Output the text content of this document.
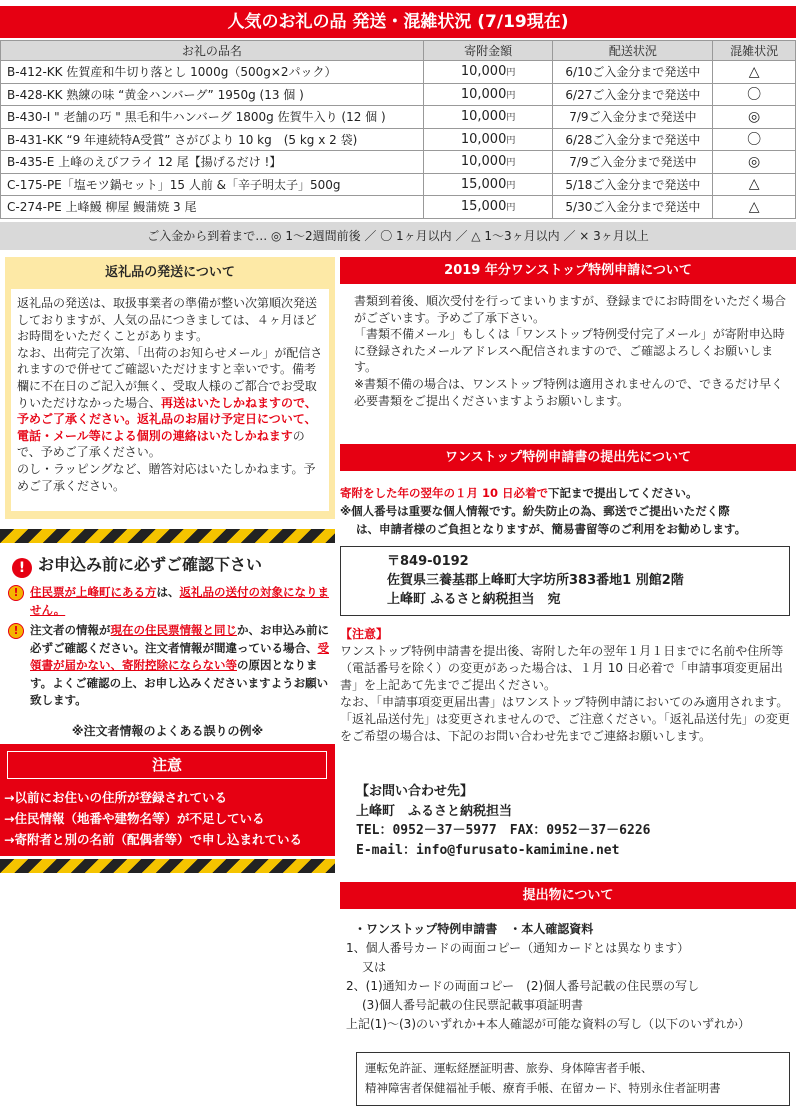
人気のお礼の品 発送・混雑状況 (7/19現在)
お礼の品名	寄附金額	配送状況	混雑状況
B-412-KK 佐賀産和牛切り落とし 1000g（500g×2パック）	10,000円	6/10ご入金分まで発送中	△
B-428-KK 熟練の味 “黄金ハンバーグ” 1950g (13 個 )	10,000円	6/27ご入金分まで発送中	〇
B-430-I " 老舗の巧 " 黒毛和牛ハンバーグ 1800g 佐賀牛入り (12 個 )	10,000円	7/9ご入金分まで発送中	◎
B-431-KK “9 年連続特A受賞” さがびより 10 kg　(5 kg x 2 袋)	10,000円	6/28ご入金分まで発送中	〇
B-435-E 上峰のえびフライ 12 尾【揚げるだけ !】	10,000円	7/9ご入金分まで発送中	◎
C-175-PE「塩モツ鍋セット」15 人前 &「辛子明太子」500g	15,000円	5/18ご入金分まで発送中	△
C-274-PE 上峰鰻 柳屋 鰻蒲焼 3 尾	15,000円	5/30ご入金分まで発送中	△
ご入金から到着まで… ◎ 1〜2週間前後 ／ 〇 1ヶ月以内 ／ △ 1〜3ヶ月以内 ／ × 3ヶ月以上
返礼品の発送について
返礼品の発送は、取扱事業者の準備が整い次第順次発送しておりますが、人気の品につきましては、４ヶ月ほどお時間をいただくことがあります。
なお、出荷完了次第、「出荷のお知らせメール」が配信されますので併せてご確認いただけますと幸いです。備考欄に不在日のご記入が無く、受取人様のご都合でお受取りいただけなかった場合、再送はいたしかねますので、予めご了承ください。返礼品のお届け予定日について、電話・メール等による個別の連絡はいたしかねますので、予めご了承ください。
のし・ラッピングなど、贈答対応はいたしかねます。予めご了承ください。
! お申込み前に必ずご確認下さい
! 住民票が上峰町にある方は、返礼品の送付の対象になりません。
! 注文者の情報が現在の住民票情報と同じか、お申込み前に必ずご確認ください。注文者情報が間違っている場合、受領書が届かない、寄附控除にならない等の原因となります。よくご確認の上、お申し込みくださいますようお願い致します。
※注文者情報のよくある誤りの例※
注意
→以前にお住いの住所が登録されている
→住民情報（地番や建物名等）が不足している
→寄附者と別の名前（配偶者等）で申し込まれている
2019 年分ワンストップ特例申請について
書類到着後、順次受付を行ってまいりますが、登録までにお時間をいただく場合がございます。予めご了承下さい。
「書類不備メール」もしくは「ワンストップ特例受付完了メール」が寄附申込時に登録されたメールアドレスへ配信されますので、ご確認よろしくお願いします。
※書類不備の場合は、ワンストップ特例は適用されませんので、できるだけ早く必要書類をご提出くださいますようお願いします。
ワンストップ特例申請書の提出先について
寄附をした年の翌年の１月 10 日必着で下記まで提出してください。
※個人番号は重要な個人情報です。紛失防止の為、郵送でご提出いただく際
は、申請者様のご負担となりますが、簡易書留等のご利用をお勧めします。
〒849-0192
佐賀県三養基郡上峰町大字坊所383番地1 別館2階
上峰町 ふるさと納税担当　宛
【注意】
ワンストップ特例申請書を提出後、寄附した年の翌年１月１日までに名前や住所等（電話番号を除く）の変更があった場合は、１月 10 日必着で「申請事項変更届出書」を上記あて先までご提出ください。
なお、「申請事項変更届出書」はワンストップ特例申請においてのみ適用されます。「返礼品送付先」は変更されませんので、ご注意ください。「返礼品送付先」の変更をご希望の場合は、下記のお問い合わせ先までご連絡お願いします。
【お問い合わせ先】
上峰町　ふるさと納税担当
TEL：0952－37－5977　FAX：0952－37－6226
E-mail：info@furusato-kamimine.net
提出物について
・ワンストップ特例申請書　・本人確認資料
1、個人番号カードの両面コピー（通知カードとは異なります）
又は
2、(1)通知カードの両面コピー　(2)個人番号記載の住民票の写し
(3)個人番号記載の住民票記載事項証明書
上記(1)〜(3)のいずれか+本人確認が可能な資料の写し（以下のいずれか）
運転免許証、運転経歴証明書、旅券、身体障害者手帳、
精神障害者保健福祉手帳、療育手帳、在留カード、特別永住者証明書
